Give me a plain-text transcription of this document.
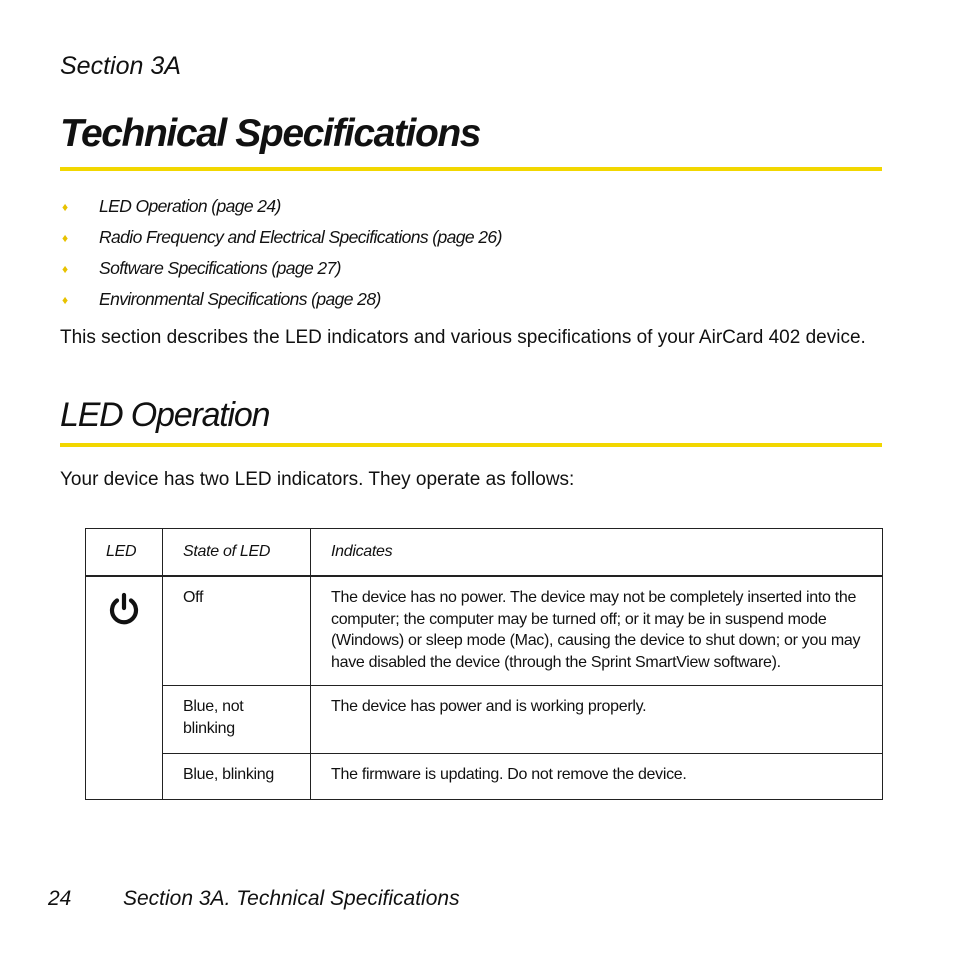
Section 3A
Technical Specifications
♦ LED Operation (page 24)
♦ Radio Frequency and Electrical Specifications (page 26)
♦ Software Specifications (page 27)
♦ Environmental Specifications (page 28)
This section describes the LED indicators and various specifications of your AirCard 402 device.
LED Operation
Your device has two LED indicators. They operate as follows:
LED	State of LED	Indicates
	Off	The device has no power. The device may not be completely inserted into the computer; the computer may be turned off; or it may be in suspend mode (Windows) or sleep mode (Mac), causing the device to shut down; or you may have disabled the device (through the Sprint SmartView software).
	Blue, not blinking	The device has power and is working properly.
	Blue, blinking	The firmware is updating. Do not remove the device.
24 Section 3A. Technical Specifications
